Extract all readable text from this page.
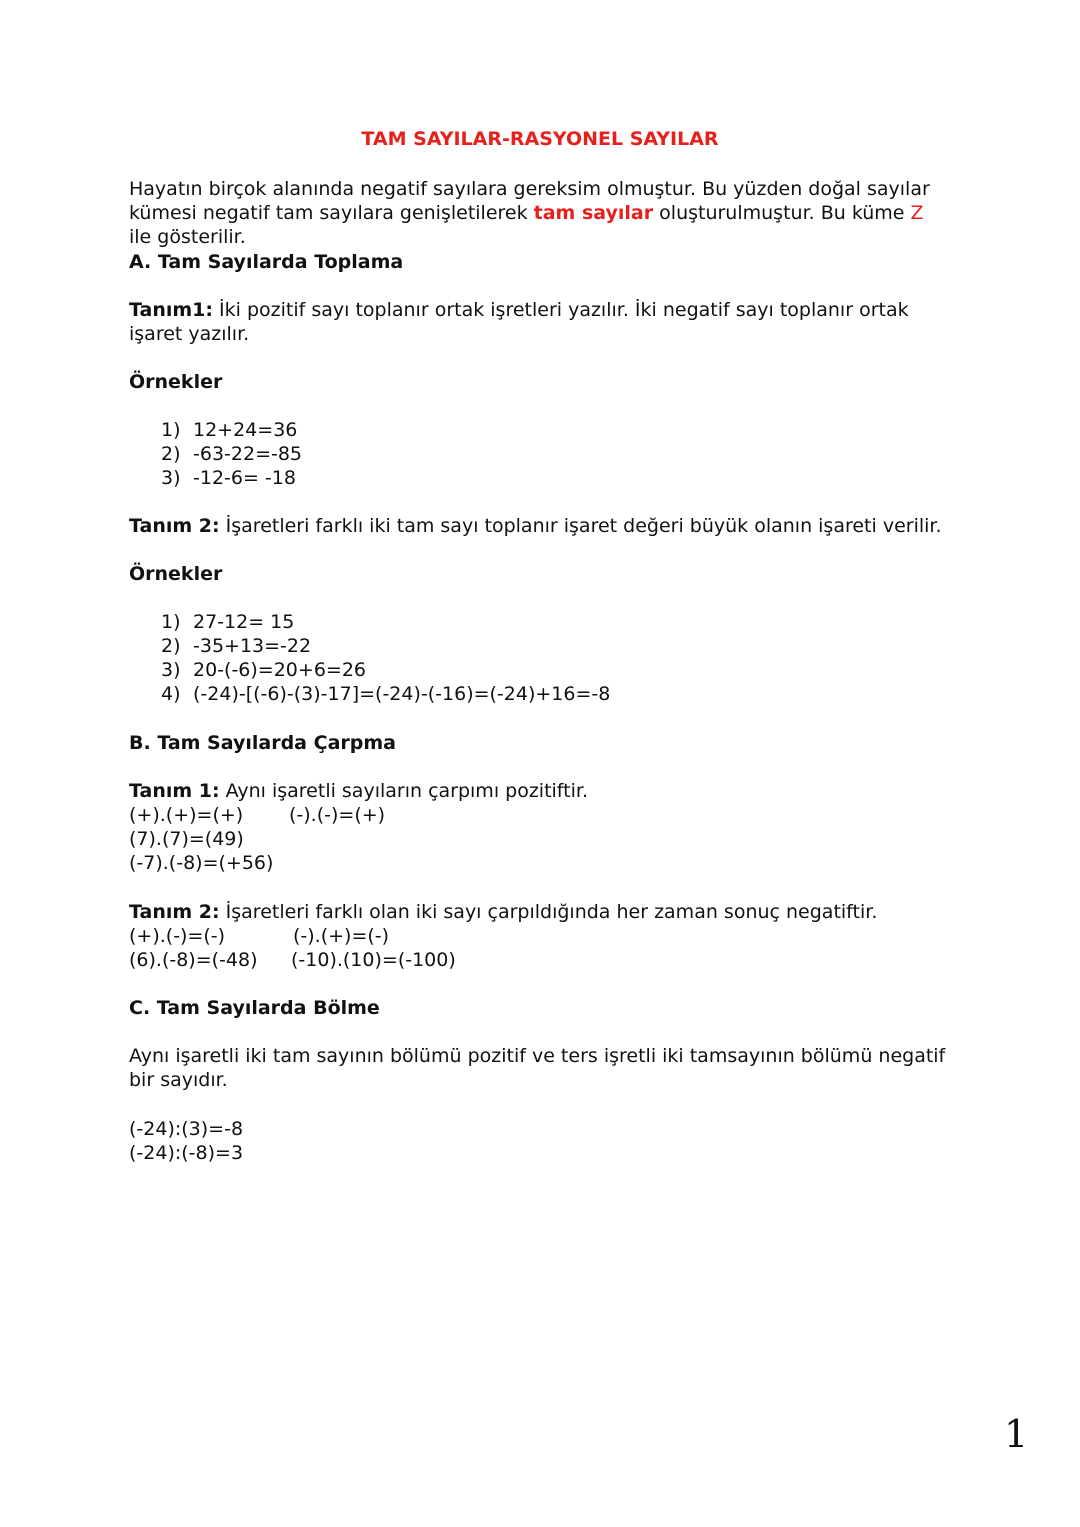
TAM SAYILAR-RASYONEL SAYILAR
Hayatın birçok alanında negatif sayılara gereksim olmuştur. Bu yüzden doğal sayılar kümesi negatif tam sayılara genişletilerek tam sayılar oluşturulmuştur. Bu küme Z ile gösterilir.
A. Tam Sayılarda Toplama
Tanım1: İki pozitif sayı toplanır ortak işretleri yazılır. İki negatif sayı toplanır ortak işaret yazılır.
Örnekler
1) 12+24=36
2) -63-22=-85
3) -12-6= -18
Tanım 2: İşaretleri farklı iki tam sayı toplanır işaret değeri büyük olanın işareti verilir.
Örnekler
1) 27-12= 15
2) -35+13=-22
3) 20-(-6)=20+6=26
4) (-24)-[(-6)-(3)-17]=(-24)-(-16)=(-24)+16=-8
B. Tam Sayılarda Çarpma
Tanım 1: Aynı işaretli sayıların çarpımı pozitiftir.
(+).(+)=(+) (-).(-)=(+)
(7).(7)=(49)
(-7).(-8)=(+56)
Tanım 2: İşaretleri farklı olan iki sayı çarpıldığında her zaman sonuç negatiftir.
(+).(-)=(-)	(-).(+)=(-)
(6).(-8)=(-48) (-10).(10)=(-100)
C. Tam Sayılarda Bölme
Aynı işaretli iki tam sayının bölümü pozitif ve ters işretli iki tamsayının bölümü negatif bir sayıdır.
(-24):(3)=-8
(-24):(-8)=3
1
